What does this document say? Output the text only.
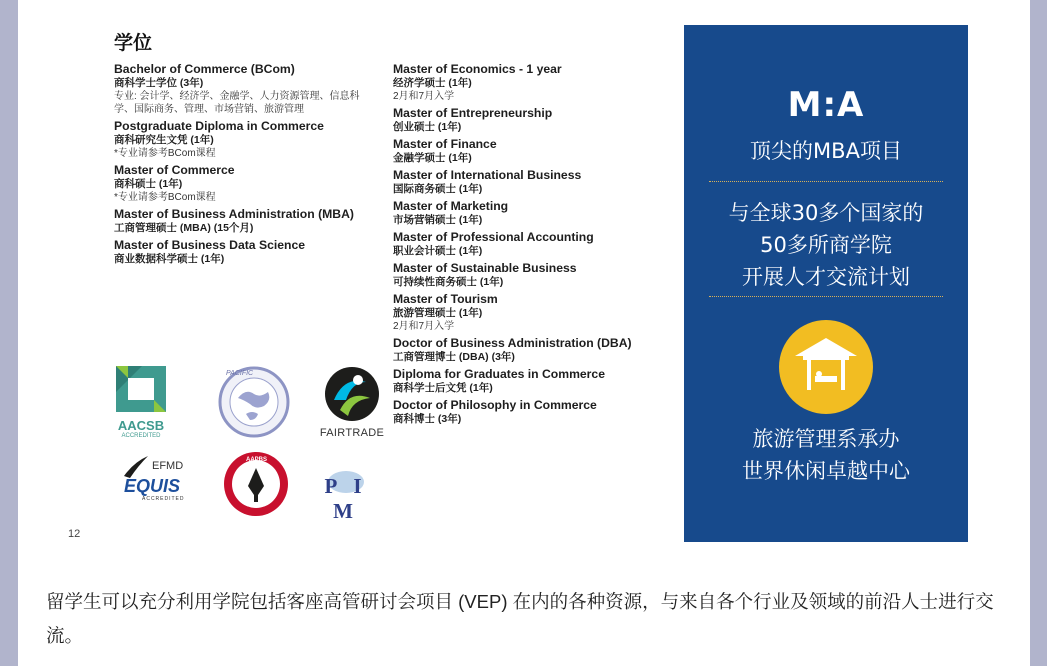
学位
Bachelor of Commerce (BCom)
商科学士学位 (3年)
专业: 会计学、经济学、金融学、人力资源管理、信息科学、国际商务、管理、市场营销、旅游管理
Postgraduate Diploma in Commerce
商科研究生文凭 (1年)
*专业请参考BCom课程
Master of Commerce
商科硕士 (1年)
*专业请参考BCom课程
Master of Business Administration (MBA)
工商管理硕士 (MBA) (15个月)
Master of Business Data Science
商业数据科学硕士 (1年)
Master of Economics - 1 year
经济学硕士 (1年)
2月和7月入学
Master of Entrepreneurship
创业硕士 (1年)
Master of Finance
金融学硕士 (1年)
Master of International Business
国际商务硕士 (1年)
Master of Marketing
市场营销硕士 (1年)
Master of Professional Accounting
职业会计硕士 (1年)
Master of Sustainable Business
可持续性商务硕士 (1年)
Master of Tourism
旅游管理硕士 (1年)
2月和7月入学
Doctor of Business Administration (DBA)
工商管理博士 (DBA) (3年)
Diploma for Graduates in Commerce
商科学士后文凭 (1年)
Doctor of Philosophy in Commerce
商科博士 (3年)
AACSB
ACCREDITED
PACIFIC
FAIRTRADE
EFMD
EQUIS
ACCREDITED
AAPBS
P I M
12
M:A
顶尖的MBA项目
与全球30多个国家的
50多所商学院
开展人才交流计划
旅游管理系承办
世界休闲卓越中心
留学生可以充分利用学院包括客座高管研讨会项目 (VEP) 在内的各种资源，与来自各个行业及领域的前沿人士进行交流。
